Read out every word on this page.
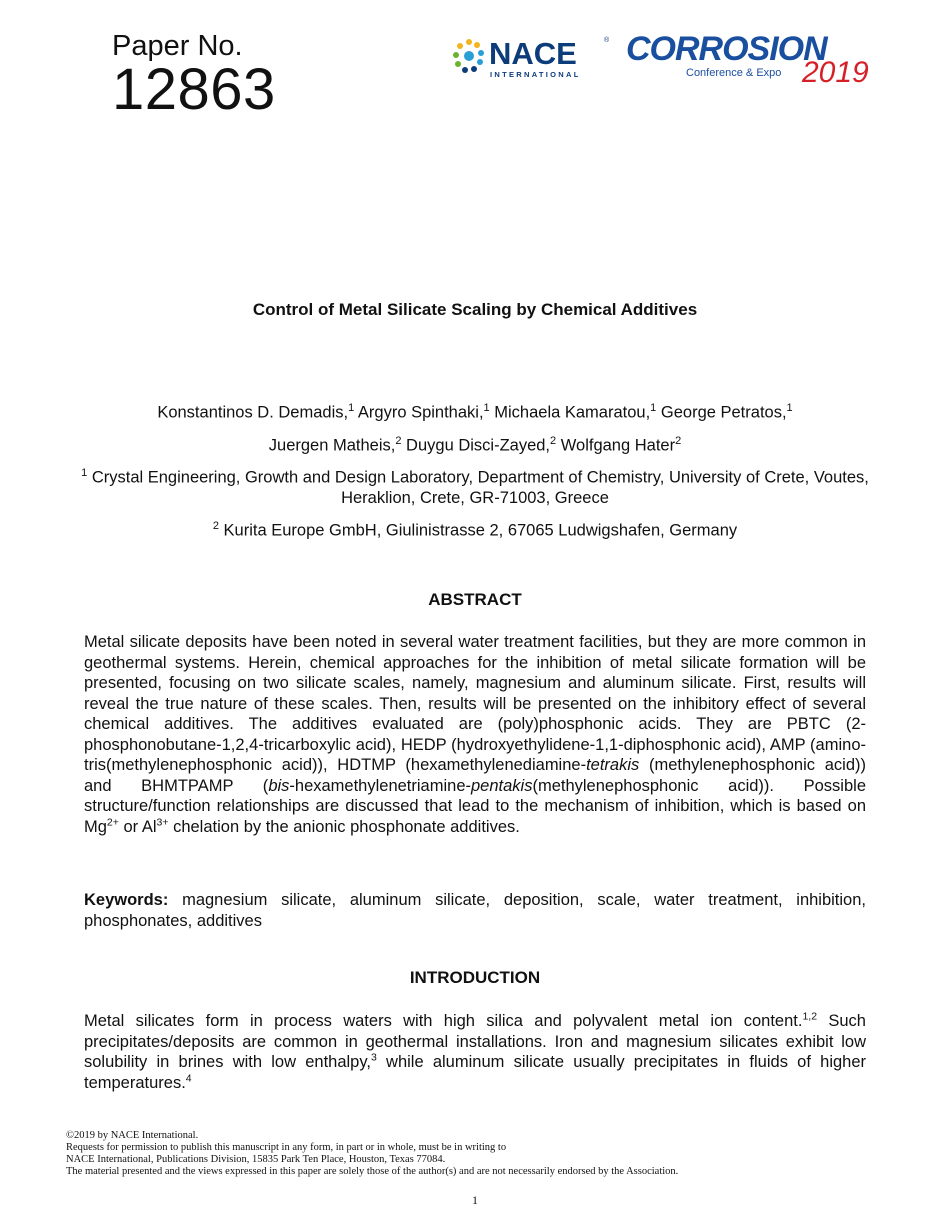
Paper No.
12863
NACE	®
INTERNATIONAL
CORROSION
Conference & Expo 2019
Control of Metal Silicate Scaling by Chemical Additives

Konstantinos D. Demadis,$^1$ Argyro Spinthaki,$^1$ Michaela Kamaratou,$^1$ George Petratos,$^1$

Juergen Matheis,$^2$ Duygu Disci-Zayed,$^2$ Wolfgang Hater$^2$

$^1$ Crystal Engineering, Growth and Design Laboratory, Department of Chemistry, University of Crete, Voutes, Heraklion, Crete, GR-71003, Greece

$^2$ Kurita Europe GmbH, Giulinistrasse 2, 67065 Ludwigshafen, Germany

ABSTRACT

Metal silicate deposits have been noted in several water treatment facilities, but they are more common in geothermal systems. Herein, chemical approaches for the inhibition of metal silicate formation will be presented, focusing on two silicate scales, namely, magnesium and aluminum silicate. First, results will reveal the true nature of these scales. Then, results will be presented on the inhibitory effect of several chemical additives. The additives evaluated are (poly)phosphonic acids. They are PBTC (2-phosphonobutane-1,2,4-tricarboxylic acid), HEDP (hydroxyethylidene-1,1-diphosphonic acid), AMP (amino-tris(methylenephosphonic acid)), HDTMP (hexamethylenediamine-tetrakis (methylenephosphonic acid)) and BHMTPAMP (bis-hexamethylenetriamine-pentakis(methylenephosphonic acid)). Possible structure/function relationships are discussed that lead to the mechanism of inhibition, which is based on $Mg^{2+}$ or $Al^{3+}$ chelation by the anionic phosphonate additives.

Keywords: magnesium silicate, aluminum silicate, deposition, scale, water treatment, inhibition, phosphonates, additives

INTRODUCTION

Metal silicates form in process waters with high silica and polyvalent metal ion content.$^{1,2}$ Such precipitates/deposits are common in geothermal installations. Iron and magnesium silicates exhibit low solubility in brines with low enthalpy,$^3$ while aluminum silicate usually precipitates in fluids of higher temperatures.$^4$

©2019 by NACE International.
Requests for permission to publish this manuscript in any form, in part or in whole, must be in writing to
NACE International, Publications Division, 15835 Park Ten Place, Houston, Texas 77084.
The material presented and the views expressed in this paper are solely those of the author(s) and are not necessarily endorsed by the Association.
1
